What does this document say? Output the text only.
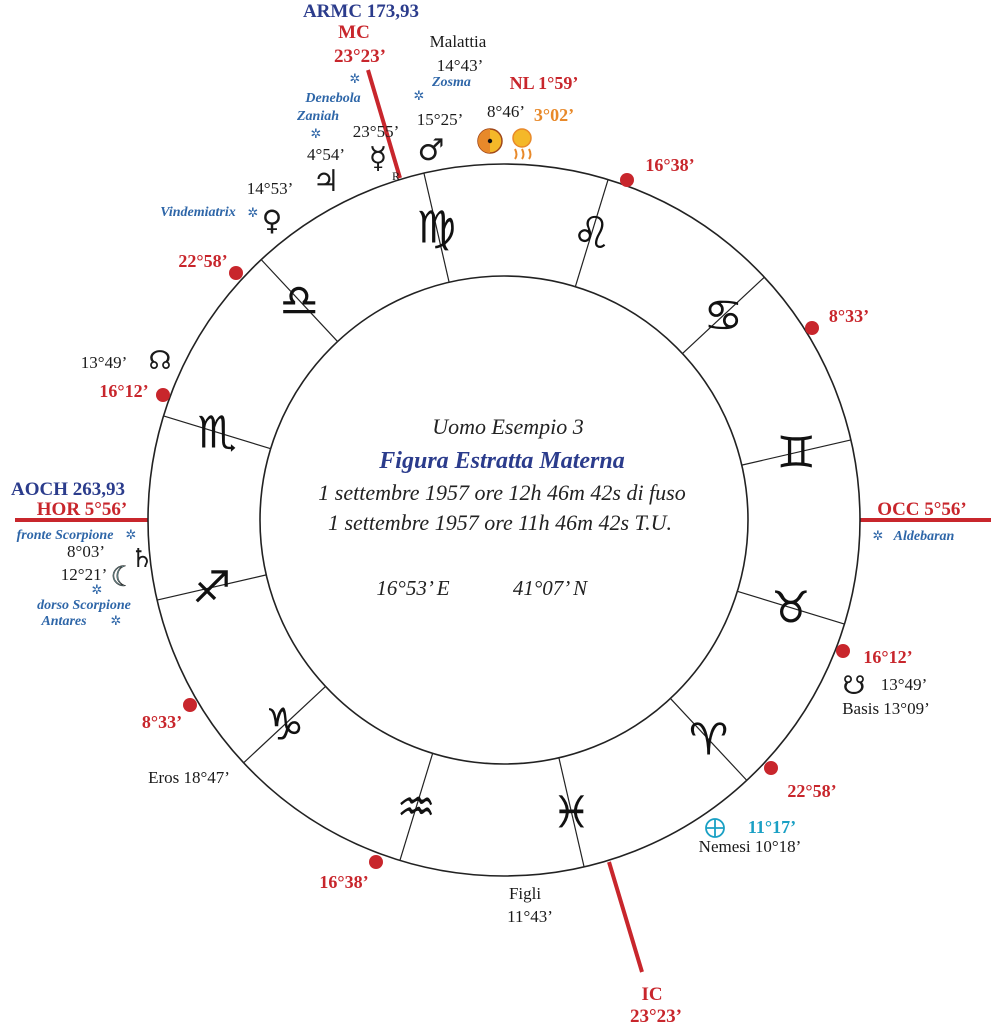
♍	♌
♋
♊
♉
♈
♓
♒
♑
♐
♏
♎
ARMC 173,93
MC
23°23’
Malattia
14°43’
NL 1°59’
Zosma
Denebola
Zaniah	8°46’ 3°02’
15°25’
23°55’
4°54’
14°53’
Vindemiatrix
♂
☿ R
♃
♀
✲
✲
✲
✲
16°38’
8°33’
16°12’
22°58’
16°38’
8°33’
16°12’
22°58’
13°49’ ☊
AOCH 263,93
HOR 5°56’
fronte Scorpione ✲
8°03’ ♄
12°21’ ☾
✲
dorso Scorpione
Antares ✲
Eros 18°47’
OCC 5°56’
✲ Aldebaran
☋ 13°49’
Basis 13°09’
11°17’
Nemesi 10°18’
Figli
11°43’
IC
23°23’
Uomo Esempio 3
Figura Estratta Materna
1 settembre 1957 ore 12h 46m 42s di fuso
1 settembre 1957 ore 11h 46m 42s T.U.
16°53’ E	41°07’ N
